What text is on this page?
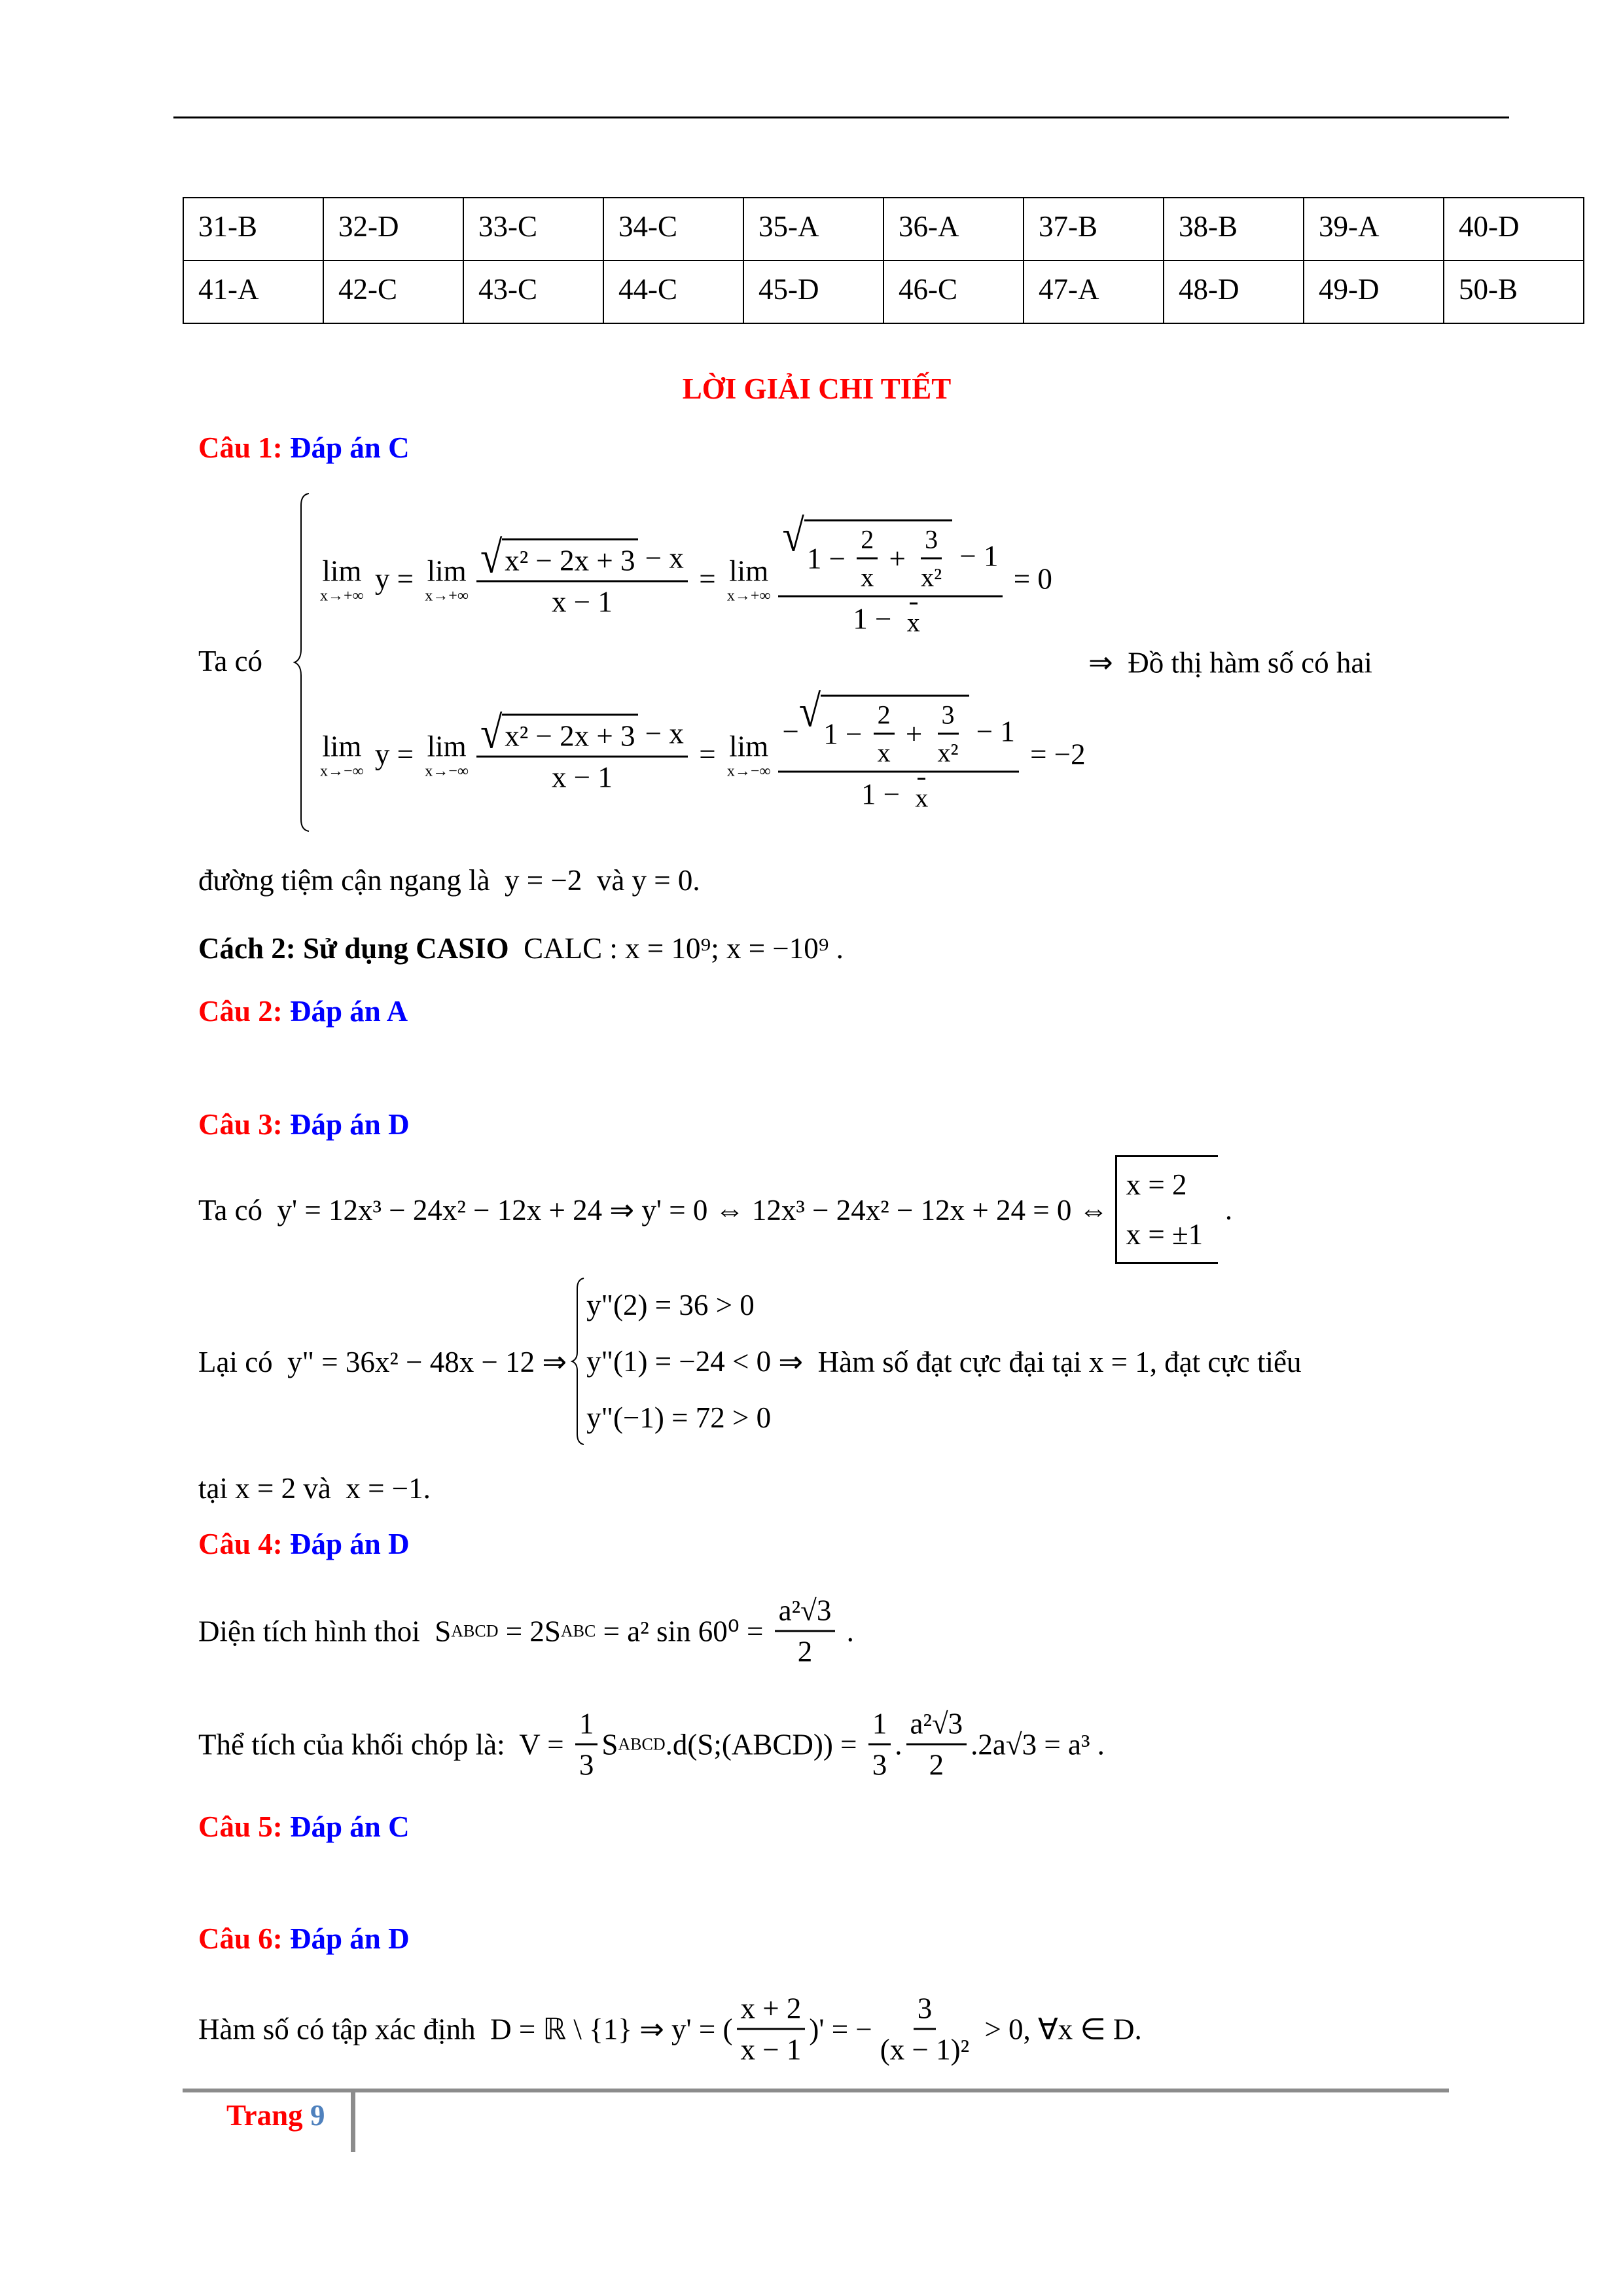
31-B	32-D	33-C	34-C	35-A	36-A	37-B	38-B	39-A	40-D
41-A	42-C	43-C	44-C	45-D	46-C	47-A	48-D	49-D	50-B
LỜI GIẢI CHI TIẾT
Câu 1:
Đáp án C
Ta có
lim
x→+∞
y = lim
$x\to+\infty \frac{\text{√ x² − 2x + 3 − x}}{x - 1} = \lim$
$x\to+\infty \frac{√ 1 - \frac{2}{x} + \frac{3}{\text{x²}} - 1}{1 - x} = 0$
lim
x→−∞
y = lim
$x\to-\infty \frac{\text{√ x² − 2x + 3 − x}}{x - 1} = \lim$
$x\to-\infty \frac{- √ 1 - \frac{2}{x} + \frac{3}{\text{x²}} - 1}{1 - x} = -2$
⇒  Đồ thị hàm số có hai
đường tiệm cận ngang là  y = −2  và y = 0.
Cách 2: Sử dụng CASIO CALC : x = 10⁹; x = −10⁹ .
Câu 2:
Đáp án A
Câu 3:
Đáp án D
Ta có  y' = 12x³ − 24x² − 12x + 24 ⇒ y' = 0 ⇔ 12x³ − 24x² − 12x + 24 = 0 ⇔
x = 2
x = ±1
.
Lại có  y" = 36x² − 48x − 12 ⇒
y"(2) = 36 > 0
y"(1) = −24 < 0
y"(−1) = 72 > 0
⇒  Hàm số đạt cực đại tại x = 1, đạt cực tiểu
tại x = 2 và  x = −1.
Câu 4:
Đáp án D
Diện tích hình thoi  S ABCD = 2S ABC = a² $\sin 60^0 = \frac{\text{a²√3}}{2}$ .
Thể tích của khối chóp là:  $V = \frac{1}{3}$ S ABCD .d(S;(ABCD)) = $\frac{1}{3}$ . $\frac{\text{a²√3}}{2} .2a√3 = a^3$ .
Câu 5:
Đáp án C
Câu 6:
Đáp án D
Hàm số có tập xác định  D = ℝ \ {1} ⇒ y' = ( $\frac{x + 2}{x - 1}$ )' = − $\frac{3}{\text{(x − 1)²}} > 0$, ∀x ∈ D.
Trang
9
